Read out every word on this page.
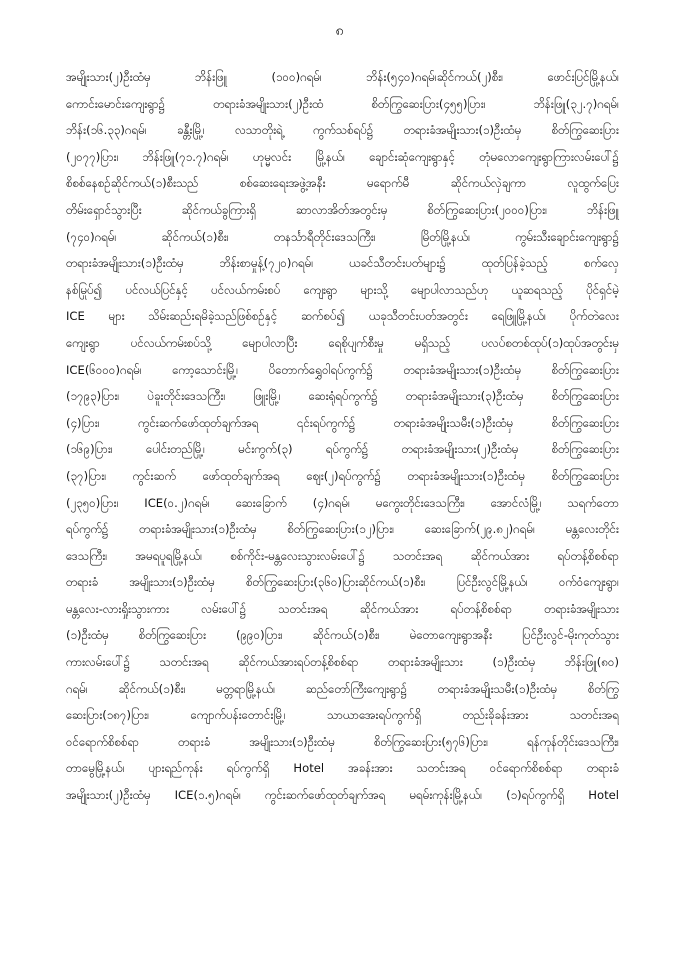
၈
အမျိုးသား(၂)ဦးထံမှ ဘိန်းဖြူ (၁၀၀)ဂရမ်၊ ဘိန်း(၅၄၀)ဂရမ်၊ဆိုင်ကယ်(၂)စီး၊ ဖောင်းပြင်မြို့နယ်၊
ကောင်းမောင်းကျေးရွာ၌ တရားခံအမျိုးသား(၂)ဦးထံ စိတ်ကြွဆေးပြား(၄၅၅)ပြား၊ ဘိန်းဖြူ(၃၂.၇)ဂရမ်၊
ဘိန်း(၁၆.၃၃)ဂရမ်၊ ခန္တီးမြို့၊ လသာတိုးရဲ့ ကွက်သစ်ရပ်၌ တရားခံအမျိုးသား(၁)ဦးထံမှ စိတ်ကြွဆေးပြား
(၂၀၇၇)ပြား၊ ဘိန်းဖြူ(၇၁.၇)ဂရမ်၊ ဟုမ္မလင်း မြို့နယ်၊ ချောင်းဆုံကျေးရွာနှင့် တုံမလောကျေးရွာကြားလမ်းပေါ်၌
စိစစ်နေစဉ်ဆိုင်ကယ်(၁)စီးသည် စစ်ဆေးရေးအဖွဲ့အနီး မရောက်မီ ဆိုင်ကယ်လှဲချကာ လူထွက်ပြေး
တိမ်းရှောင်သွားပြီး ဆိုင်ကယ်ခွကြားရှိ ဆာလာအိတ်အတွင်းမှ စိတ်ကြွဆေးပြား(၂၀၀၀)ပြား၊ ဘိန်းဖြူ
(၇၄၀)ဂရမ်၊ ဆိုင်ကယ်(၁)စီး၊ တနင်္သာရီတိုင်းဒေသကြီး၊ မြိတ်မြို့နယ်၊ ကွမ်းသီးချောင်းကျေးရွာ၌
တရားခံအမျိုးသား(၁)ဦးထံမှ ဘိန်းစာမှုန့်(၇၂၀)ဂရမ်၊ ယခင်သီတင်းပတ်များ၌ ထုတ်ပြန်ခဲ့သည့် စက်လှေ
နစ်မြုပ်၍ ပင်လယ်ပြင်နှင့် ပင်လယ်ကမ်းစပ် ကျေးရွာ များသို့ မျောပါလာသည်ဟု ယူဆရသည့် ပိုင်ရှင်မဲ့
ICE များ သိမ်းဆည်းရမိခဲ့သည်ဖြစ်စဉ်နှင့် ဆက်စပ်၍ ယခုသီတင်းပတ်အတွင်း ရေဖြူမြို့နယ်၊ ပိုက်တဲလေး
ကျေးရွာ ပင်လယ်ကမ်းစပ်သို့ မျောပါလာပြီး ရေစိုပျက်စီးမှု မရှိသည့် ပလပ်စတစ်ထုပ်(၁)ထုပ်အတွင်းမှ
ICE(၆၀၀၀)ဂရမ်၊ ကော့သောင်းမြို့၊ ပိတောက်ရွှေဝါရပ်ကွက်၌ တရားခံအမျိုးသား(၁)ဦးထံမှ စိတ်ကြွဆေးပြား
(၁၇၉၃)ပြား၊ ပဲခူးတိုင်းဒေသကြီး၊ ဖြူးမြို့၊ ဆေးရုံရပ်ကွက်၌ တရားခံအမျိုးသား(၃)ဦးထံမှ စိတ်ကြွဆေးပြား
(၄)ပြား၊ ကွင်းဆက်ဖော်ထုတ်ချက်အရ ၎င်းရပ်ကွက်၌ တရားခံအမျိုးသမီး(၁)ဦးထံမှ စိတ်ကြွဆေးပြား
(၁၆၉)ပြား၊ ပေါင်းတည်မြို့၊ မင်းကွက်(၃) ရပ်ကွက်၌ တရားခံအမျိုးသား(၂)ဦးထံမှ စိတ်ကြွဆေးပြား
(၃၇)ပြား၊ ကွင်းဆက် ဖော်ထုတ်ချက်အရ ဈေး(၂)ရပ်ကွက်၌ တရားခံအမျိုးသား(၁)ဦးထံမှ စိတ်ကြွဆေးပြား
(၂၃၅၀)ပြား၊ ICE(၀.၂)ဂရမ်၊ ဆေးခြောက် (၄)ဂရမ်၊ မကွေးတိုင်းဒေသကြီး၊ အောင်လံမြို့၊ သရက်တော
ရပ်ကွက်၌ တရားခံအမျိုးသား(၁)ဦးထံမှ စိတ်ကြွဆေးပြား(၁၂)ပြား၊ ဆေးခြောက်(၂၉.၈၂)ဂရမ်၊ မန္တလေးတိုင်း
ဒေသကြီး၊ အမရပူရမြို့နယ်၊ စစ်ကိုင်း-မန္တလေးသွားလမ်းပေါ်၌ သတင်းအရ ဆိုင်ကယ်အား ရပ်တန့်စိစစ်ရာ
တရားခံ အမျိုးသား(၁)ဦးထံမှ စိတ်ကြွဆေးပြား(၃၆၀)ပြားဆိုင်ကယ်(၁)စီး၊ ပြင်ဦးလွင်မြို့နယ်၊ ဝက်ဝံကျေးရွာ၊
မန္တလေး-လားရှိုးသွားကား လမ်းပေါ်၌ သတင်းအရ ဆိုင်ကယ်အား ရပ်တန့်စိစစ်ရာ တရားခံအမျိုးသား
(၁)ဦးထံမှ စိတ်ကြွဆေးပြား (၉၉၀)ပြား၊ ဆိုင်ကယ်(၁)စီး၊ မဲတောကျေးရွာအနီး ပြင်ဦးလွင်-မိုးကုတ်သွား
ကားလမ်းပေါ်၌ သတင်းအရ ဆိုင်ကယ်အားရပ်တန့်စိစစ်ရာ တရားခံအမျိုးသား (၁)ဦးထံမှ ဘိန်းဖြူ(၈၀)
ဂရမ်၊ ဆိုင်ကယ်(၁)စီး၊ မတ္တရာမြို့နယ်၊ ဆည်တော်ကြီးကျေးရွာ၌ တရားခံအမျိုးသမီး(၁)ဦးထံမှ စိတ်ကြွ
ဆေးပြား(၁၈၇)ပြား၊ ကျောက်ပန်းတောင်းမြို့၊ သာယာအေးရပ်ကွက်ရှိ တည်းခိုခန်းအား သတင်းအရ
ဝင်ရောက်စိစစ်ရာ တရားခံ အမျိုးသား(၁)ဦးထံမှ စိတ်ကြွဆေးပြား(၅၇၆)ပြား၊ ရန်ကုန်တိုင်းဒေသကြီး၊
တာမွေမြို့နယ်၊ ပျားရည်ကုန်း ရပ်ကွက်ရှိ Hotel အခန်းအား သတင်းအရ ဝင်ရောက်စိစစ်ရာ တရားခံ
အမျိုးသား(၂)ဦးထံမှ ICE(၁.၅)ဂရမ်၊ ကွင်းဆက်ဖော်ထုတ်ချက်အရ မရမ်းကုန်းမြို့နယ်၊ (၁)ရပ်ကွက်ရှိ Hotel
